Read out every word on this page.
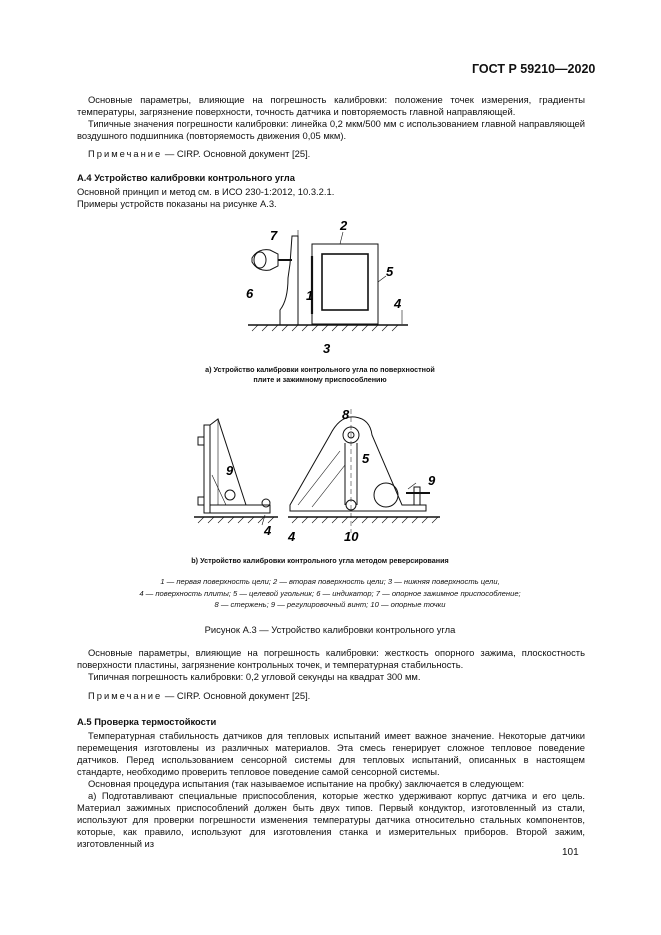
ГОСТ Р 59210—2020
Основные параметры, влияющие на погрешность калибровки: положение точек измерения, градиенты температуры, загрязнение поверхности, точность датчика и повторяемость главной направляющей.
Типичные значения погрешности калибровки: линейка 0,2 мкм/500 мм с использованием главной направляющей воздушного подшипника (повторяемость движения 0,05 мкм).
Примечание — CIRP. Основной документ [25].
А.4 Устройство калибровки контрольного угла
Основной принцип и метод см. в ИСО 230-1:2012, 10.3.2.1.
Примеры устройств показаны на рисунке А.3.
7
2
5
6	1
4
3
а) Устройство калибровки контрольного угла по поверхностной
плите и зажимному приспособлению
8
5
9
9
4 4	10
b) Устройство калибровки контрольного угла методом реверсирования
1 — первая поверхность цели; 2 — вторая поверхность цели; 3 — нижняя поверхность цели,
4 — поверхность плиты; 5 — целевой угольник; 6 — индикатор; 7 — опорное зажимное приспособление;
8 — стержень; 9 — регулировочный винт; 10 — опорные точки
Рисунок А.3 — Устройство калибровки контрольного угла
Основные параметры, влияющие на погрешность калибровки: жесткость опорного зажима, плоскостность поверхности пластины, загрязнение контрольных точек, и температурная стабильность.
Типичная погрешность калибровки: 0,2 угловой секунды на квадрат 300 мм.
Примечание — CIRP. Основной документ [25].
А.5 Проверка термостойкости
Температурная стабильность датчиков для тепловых испытаний имеет важное значение. Некоторые датчики перемещения изготовлены из различных материалов. Эта смесь генерирует сложное тепловое поведение датчиков. Перед использованием сенсорной системы для тепловых испытаний, описанных в настоящем стандарте, необходимо проверить тепловое поведение самой сенсорной системы.
Основная процедура испытания (так называемое испытание на пробку) заключается в следующем:
а) Подготавливают специальные приспособления, которые жестко удерживают корпус датчика и его цель. Материал зажимных приспособлений должен быть двух типов. Первый кондуктор, изготовленный из стали, используют для проверки погрешности изменения температуры датчика относительно стальных компонентов, которые, как правило, используют для изготовления станка и измерительных приборов. Второй зажим, изготовленный из
101
